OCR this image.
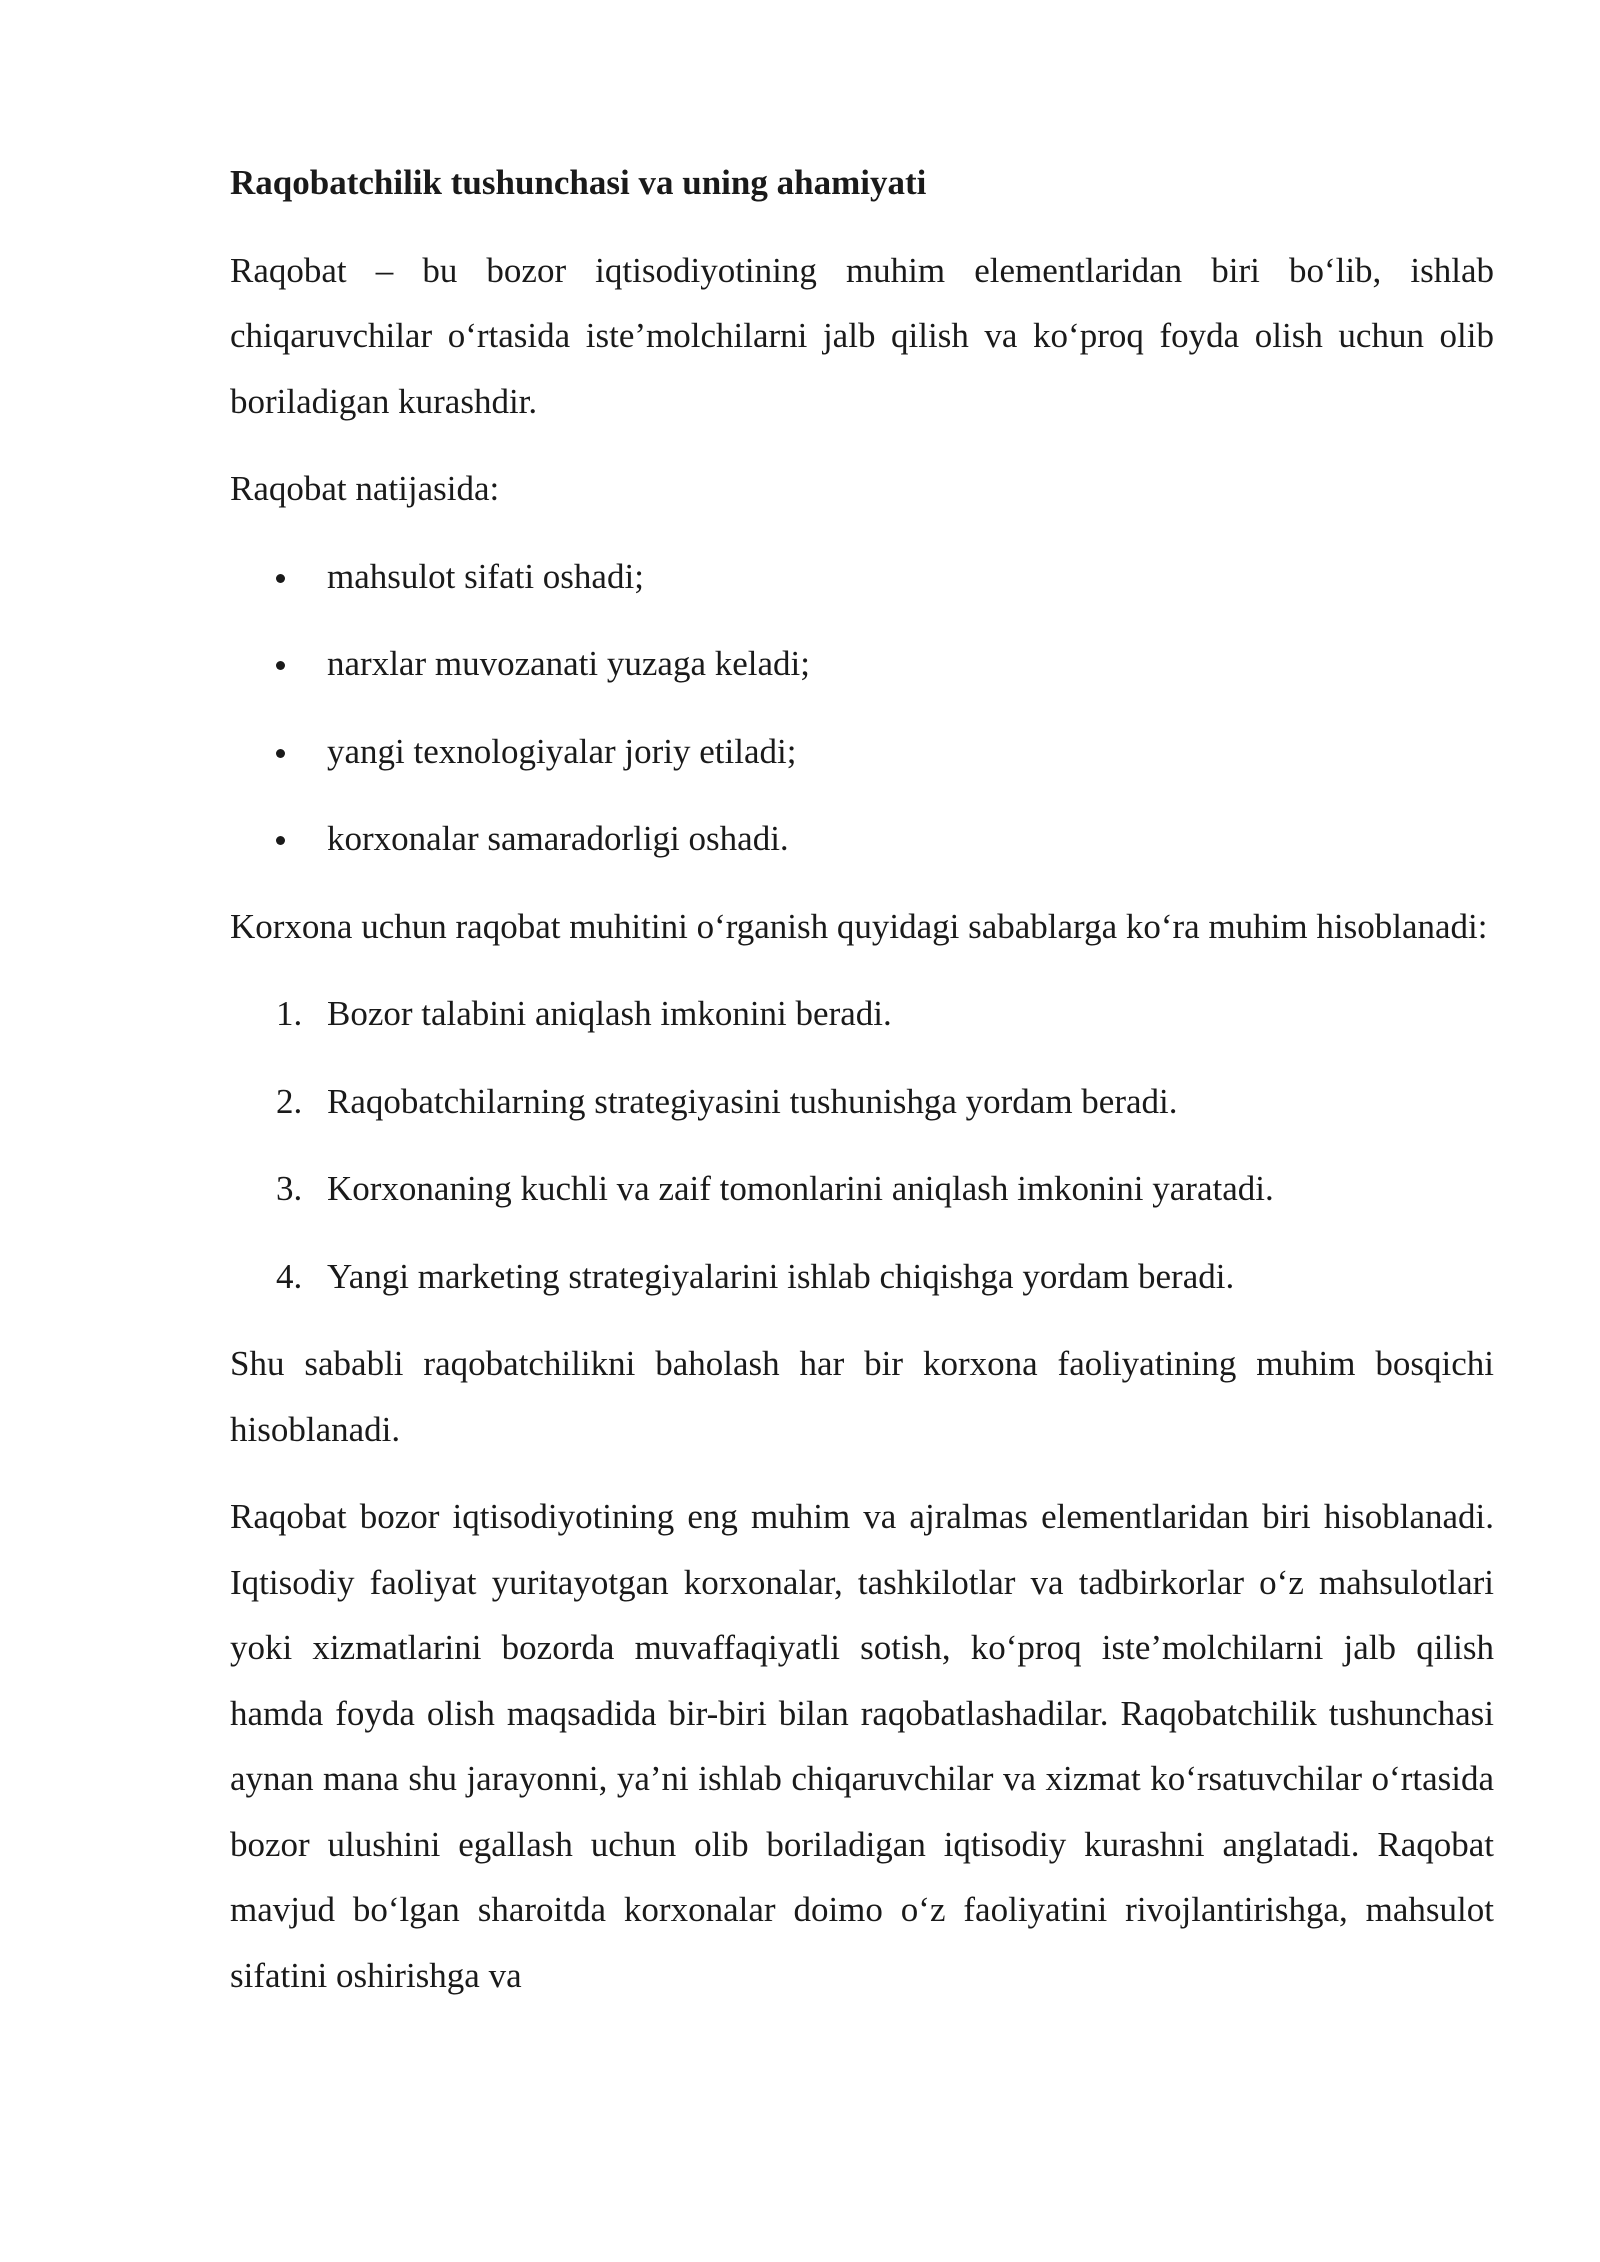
Raqobatchilik tushunchasi va uning ahamiyati
Raqobat – bu bozor iqtisodiyotining muhim elementlaridan biri bo‘lib, ishlab chiqaruvchilar o‘rtasida iste’molchilarni jalb qilish va ko‘proq foyda olish uchun olib boriladigan kurashdir.
Raqobat natijasida:
mahsulot sifati oshadi;
narxlar muvozanati yuzaga keladi;
yangi texnologiyalar joriy etiladi;
korxonalar samaradorligi oshadi.
Korxona uchun raqobat muhitini o‘rganish quyidagi sabablarga ko‘ra muhim hisoblanadi:
1. Bozor talabini aniqlash imkonini beradi.
2. Raqobatchilarning strategiyasini tushunishga yordam beradi.
3. Korxonaning kuchli va zaif tomonlarini aniqlash imkonini yaratadi.
4. Yangi marketing strategiyalarini ishlab chiqishga yordam beradi.
Shu sababli raqobatchilikni baholash har bir korxona faoliyatining muhim bosqichi hisoblanadi.
Raqobat bozor iqtisodiyotining eng muhim va ajralmas elementlaridan biri hisoblanadi. Iqtisodiy faoliyat yuritayotgan korxonalar, tashkilotlar va tadbirkorlar o‘z mahsulotlari yoki xizmatlarini bozorda muvaffaqiyatli sotish, ko‘proq iste’molchilarni jalb qilish hamda foyda olish maqsadida bir-biri bilan raqobatlashadilar. Raqobatchilik tushunchasi aynan mana shu jarayonni, ya’ni ishlab chiqaruvchilar va xizmat ko‘rsatuvchilar o‘rtasida bozor ulushini egallash uchun olib boriladigan iqtisodiy kurashni anglatadi. Raqobat mavjud bo‘lgan sharoitda korxonalar doimo o‘z faoliyatini rivojlantirishga, mahsulot sifatini oshirishga va
